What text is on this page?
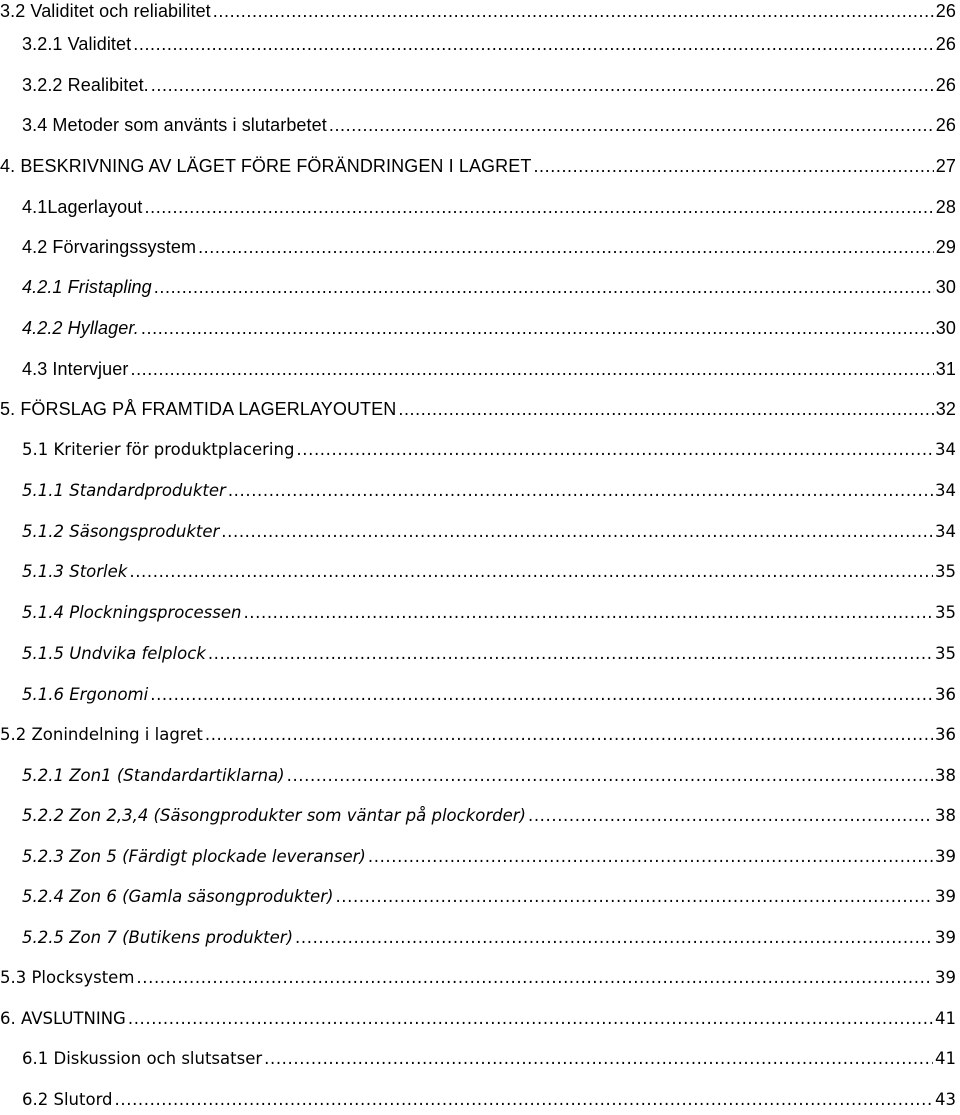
3.2 Validitet och reliabilitet .....	26
3.2.1 Validitet .....	26
3.2.2 Realibitet. .....	26
3.4 Metoder som använts i slutarbetet .....	26
4. BESKRIVNING AV LÄGET FÖRE FÖRÄNDRINGEN I LAGRET .....	27
4.1Lagerlayout .....	28
4.2 Förvaringssystem .....	29
4.2.1 Fristapling .....	30
4.2.2 Hyllager. .....	30
4.3 Intervjuer .....	31
5. FÖRSLAG PÅ FRAMTIDA LAGERLAYOUTEN .....	32
5.1 Kriterier för produktplacering .....	34
5.1.1 Standardprodukter .....	34
5.1.2 Säsongsprodukter .....	34
5.1.3 Storlek .....	35
5.1.4 Plockningsprocessen .....	35
5.1.5 Undvika felplock .....	35
5.1.6 Ergonomi .....	36
5.2 Zonindelning i lagret .....	36
5.2.1 Zon1 (Standardartiklarna) .....	38
5.2.2 Zon 2,3,4 (Säsongprodukter som väntar på plockorder) .....	38
5.2.3 Zon 5 (Färdigt plockade leveranser) .....	39
5.2.4 Zon 6 (Gamla säsongprodukter) .....	39
5.2.5 Zon 7 (Butikens produkter) .....	39
5.3 Plocksystem .....	39
6. AVSLUTNING .....	41
6.1 Diskussion och slutsatser .....	41
6.2 Slutord .....	43
